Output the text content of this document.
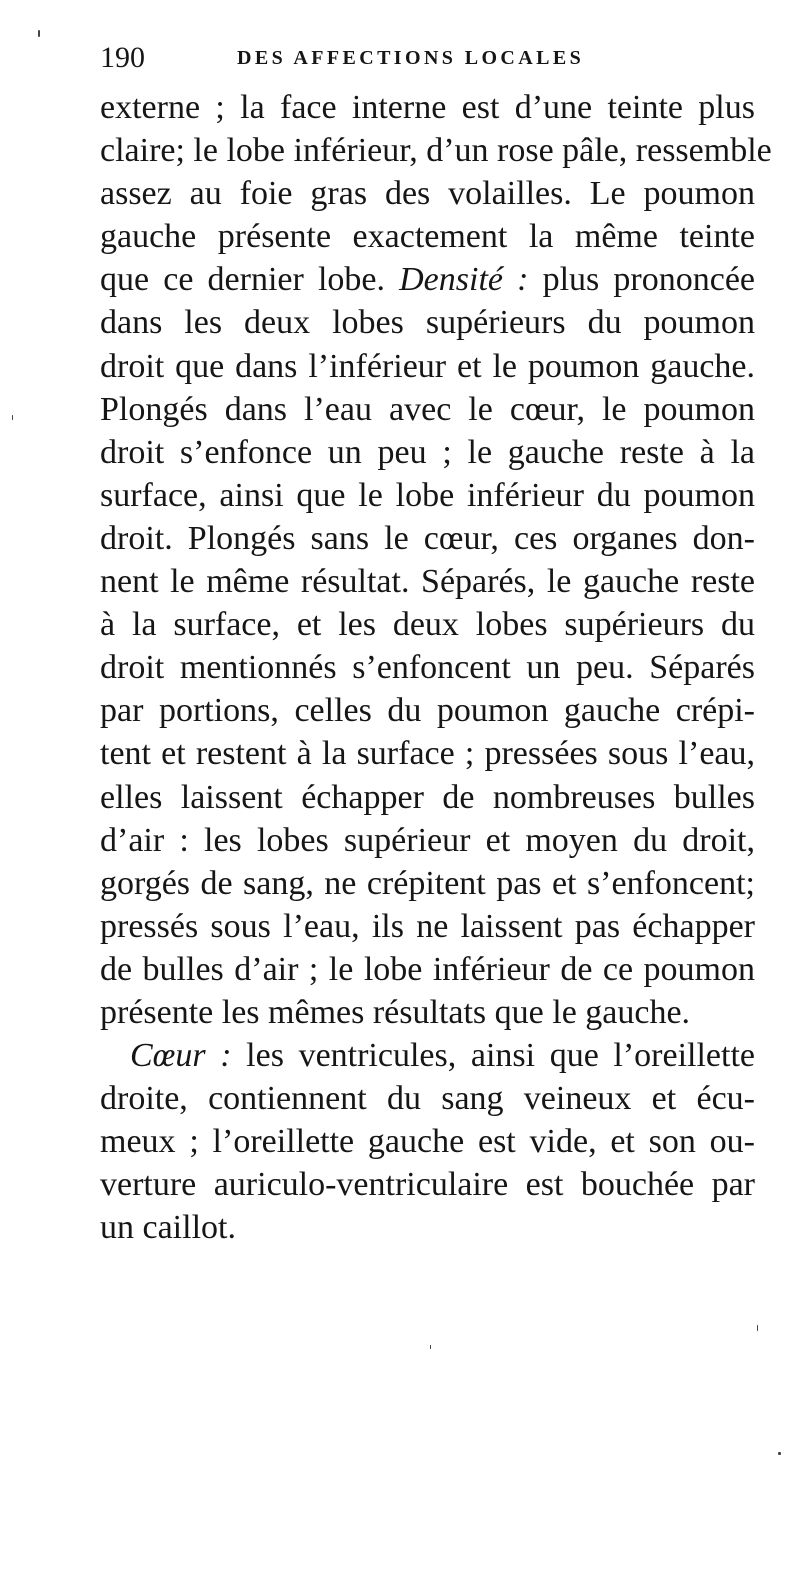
190	DES AFFECTIONS LOCALES
externe ; la face interne est d’une teinte plus
claire; le lobe inférieur, d’un rose pâle, ressemble
assez au foie gras des volailles. Le poumon
gauche présente exactement la même teinte
que ce dernier lobe. Densité : plus prononcée
dans les deux lobes supérieurs du poumon
droit que dans l’inférieur et le poumon gauche.
Plongés dans l’eau avec le cœur, le poumon
droit s’enfonce un peu ; le gauche reste à la
surface, ainsi que le lobe inférieur du poumon
droit. Plongés sans le cœur, ces organes don-
nent le même résultat. Séparés, le gauche reste
à la surface, et les deux lobes supérieurs du
droit mentionnés s’enfoncent un peu. Séparés
par portions, celles du poumon gauche crépi-
tent et restent à la surface ; pressées sous l’eau,
elles laissent échapper de nombreuses bulles
d’air : les lobes supérieur et moyen du droit,
gorgés de sang, ne crépitent pas et s’enfoncent;
pressés sous l’eau, ils ne laissent pas échapper
de bulles d’air ; le lobe inférieur de ce poumon
présente les mêmes résultats que le gauche.
Cœur : les ventricules, ainsi que l’oreillette
droite, contiennent du sang veineux et écu-
meux ; l’oreillette gauche est vide, et son ou-
verture auriculo-ventriculaire est bouchée par
un caillot.
